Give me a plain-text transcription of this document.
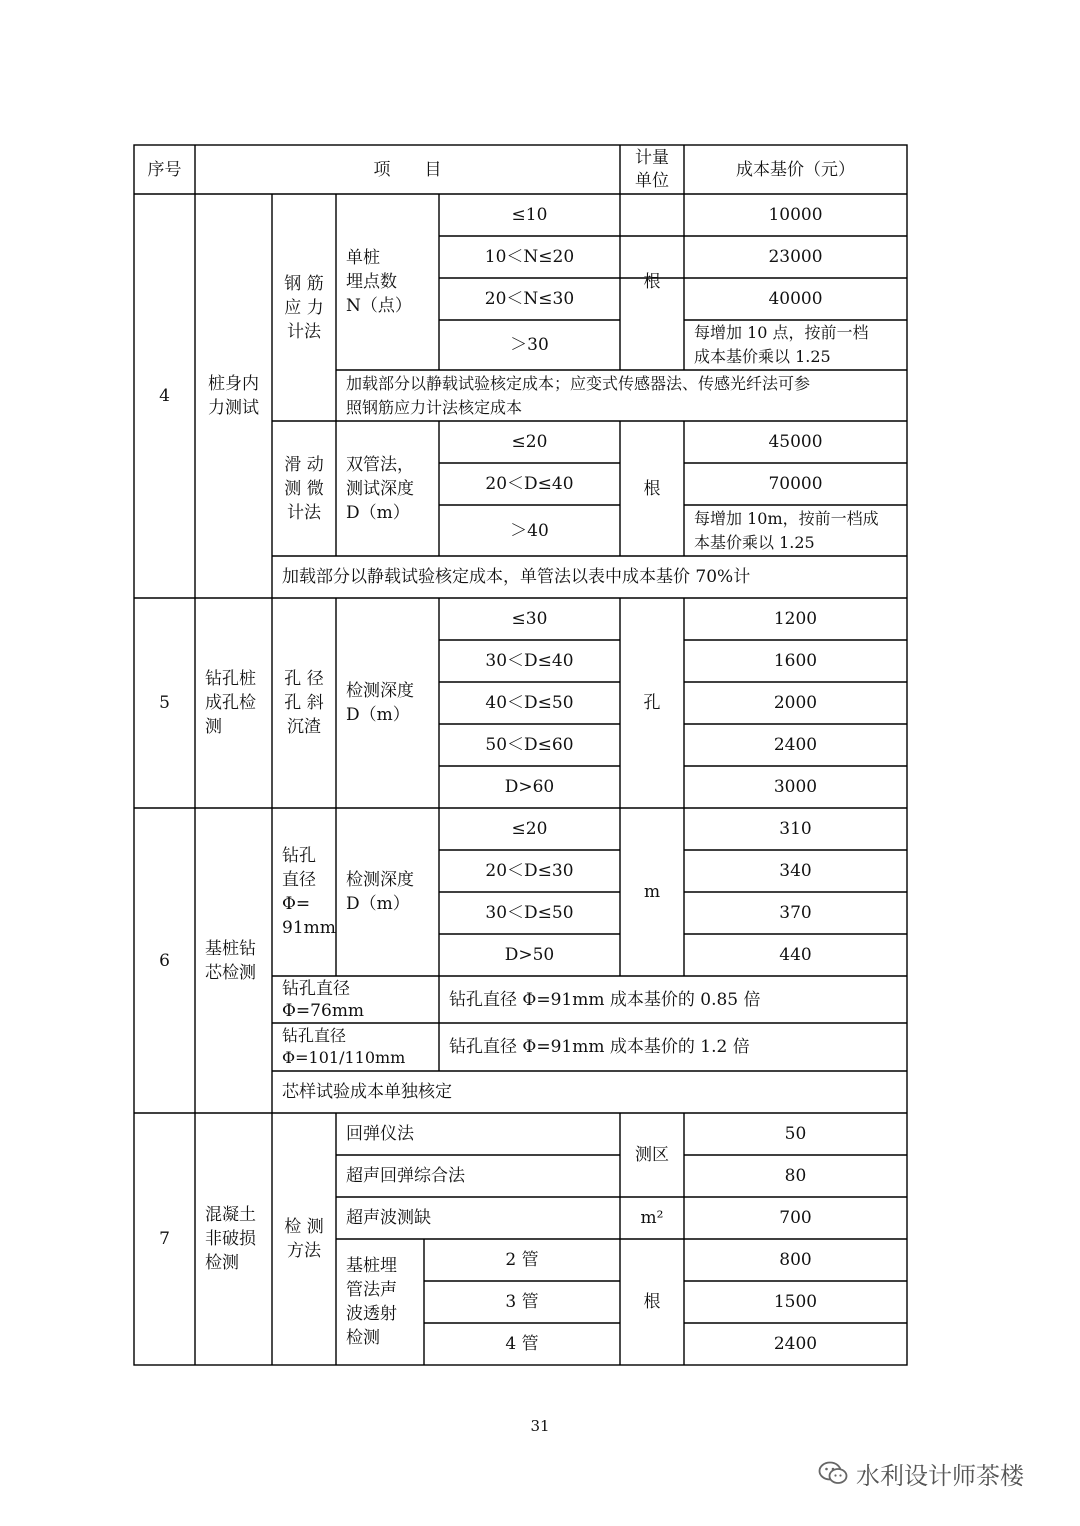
序号	项　　目
计量
单位
成本基价（元）
4
桩身内
力测试
钢 筋
应 力
计法
单桩
埋点数
N（点）
≤10
10＜N≤20
20＜N≤30
＞30
根
10000
23000
40000
每增加 10 点，按前一档
成本基价乘以 1.25
加载部分以静载试验核定成本；应变式传感器法、传感光纤法可参
照钢筋应力计法核定成本
滑 动
测 微
计法
双管法，
测试深度
D（m）
≤20
20＜D≤40
＞40
根
45000
70000
每增加 10m，按前一档成
本基价乘以 1.25
加载部分以静载试验核定成本，单管法以表中成本基价 70%计
5
钻孔桩
成孔检
测
孔 径
孔 斜
沉渣
检测深度
D（m）
≤30
30＜D≤40
40＜D≤50
50＜D≤60
D>60
孔
1200
1600
2000
2400
3000
6
基桩钻
芯检测
钻孔
直径
Φ=
91mm
检测深度
D（m）
≤20
20＜D≤30
30＜D≤50
D>50
m
310
340
370
440
钻孔直径
Φ=76mm
钻孔直径 Φ=91mm 成本基价的 0.85 倍
钻孔直径
Φ=101/110mm
钻孔直径 Φ=91mm 成本基价的 1.2 倍
芯样试验成本单独核定
7
混凝土
非破损
检测
检 测
方法
回弹仪法
超声回弹综合法
超声波测缺
测区
m²
50
80
700
基桩埋
管法声
波透射
检测
2 管
3 管
4 管
根
800
1500
2400
31
水利设计师茶楼
